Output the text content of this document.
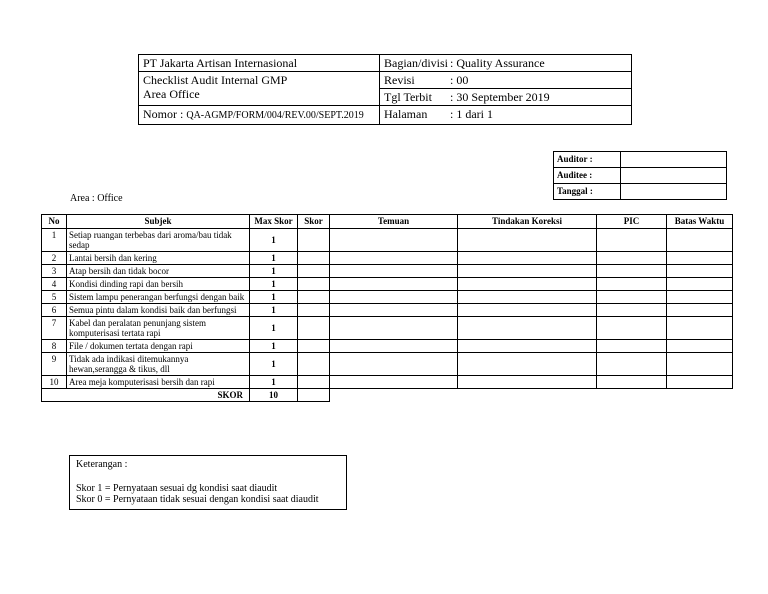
PT Jakarta Artisan Internasional	Bagian/divisi : Quality Assurance

Checklist Audit Internal GMP
Area Office	Revisi : 00
	Tgl Terbit : 30 September 2019
Nomor : QA-AGMP/FORM/004/REV.00/SEPT.2019	Halaman : 1 dari 1
Auditor :	
Auditee :	
Tanggal :	
Area : Office
No	Subjek	Max Skor	Skor	Temuan	Tindakan Koreksi	PIC	Batas Waktu
1	Setiap ruangan terbebas dari aroma/bau tidak sedap	1					
2	Lantai bersih dan kering	1					
3	Atap bersih dan tidak bocor	1					
4	Kondisi dinding rapi dan bersih	1					
5	Sistem lampu penerangan berfungsi dengan baik	1					
6	Semua pintu dalam kondisi baik dan berfungsi	1					
7	Kabel dan peralatan penunjang sistem komputerisasi tertata rapi	1					
8	File / dokumen tertata dengan rapi	1					
9	Tidak ada indikasi ditemukannya hewan,serangga & tikus, dll	1					
10	Area meja komputerisasi bersih dan rapi	1					
SKOR		10					
Keterangan :
Skor 1 = Pernyataan sesuai dg kondisi saat diaudit
Skor 0 = Pernyataan tidak sesuai dengan kondisi saat diaudit
